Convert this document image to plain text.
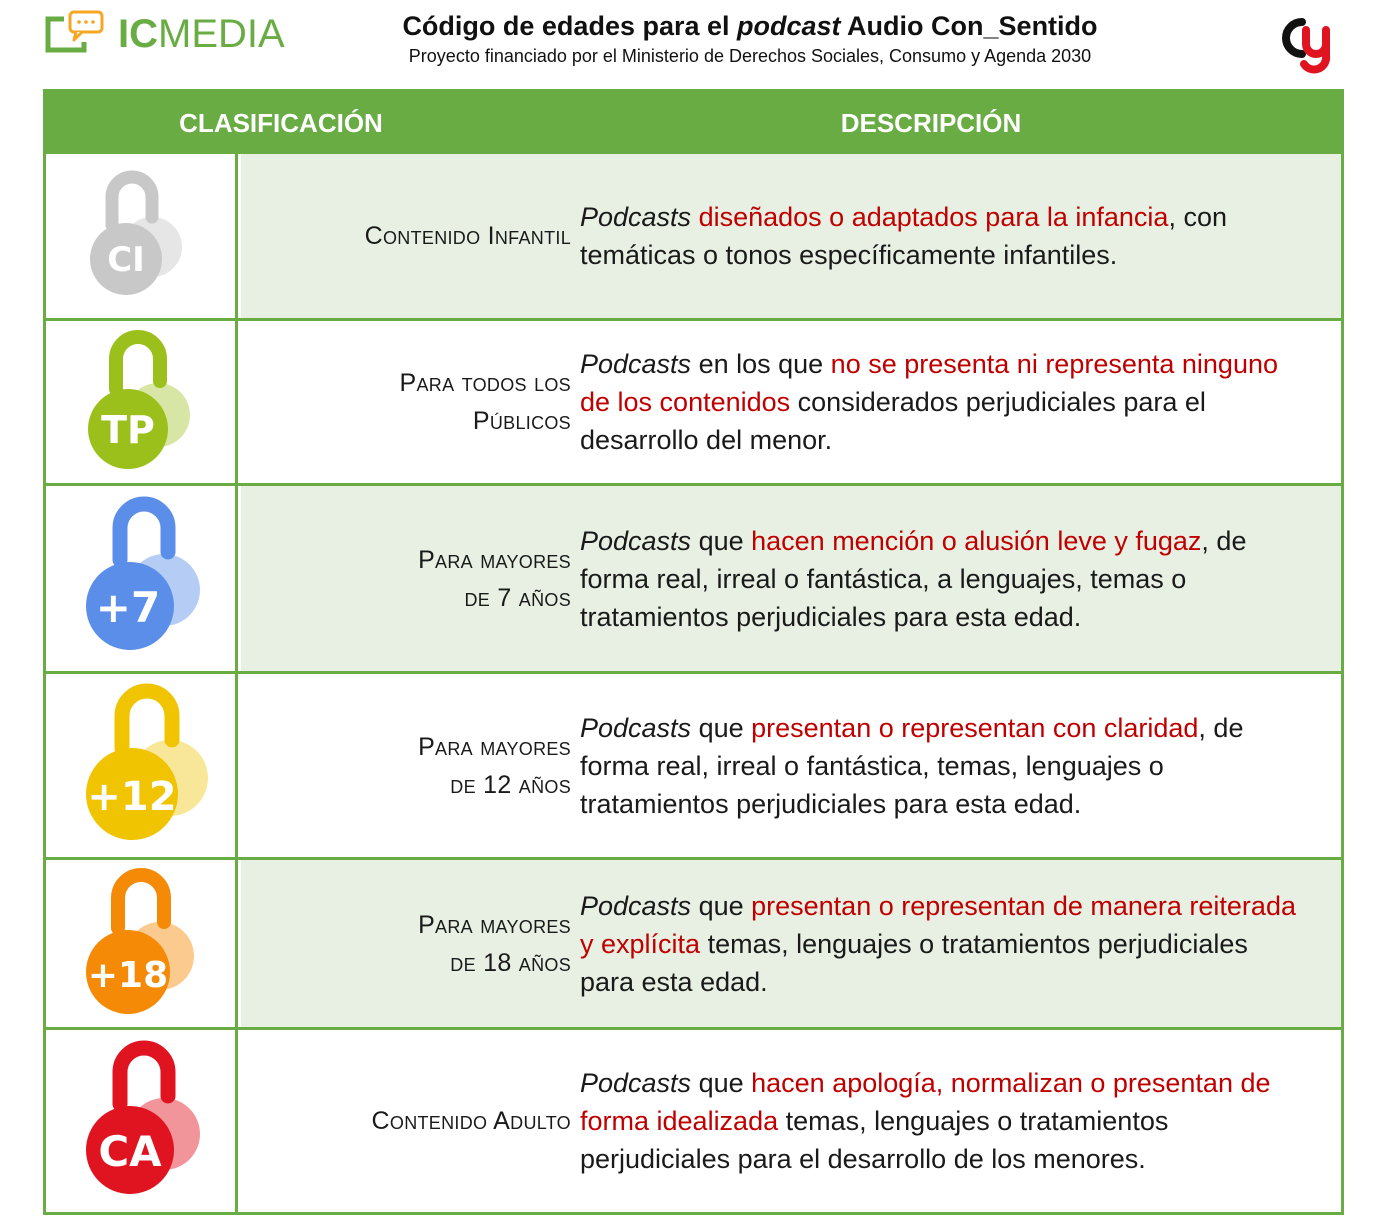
ICMEDIA	Código de edades para el podcast Audio Con_Sentido
Proyecto financiado por el Ministerio de Derechos Sociales, Consumo y Agenda 2030
CLASIFICACIÓN	DESCRIPCIÓN
CI
Contenido Infantil
Podcasts diseñados o adaptados para la infancia, con temáticas o tonos específicamente infantiles.
TP
Para todos los
Públicos
Podcasts en los que no se presenta ni representa ninguno de los contenidos considerados perjudiciales para el desarrollo del menor.
+7
Para mayores
de 7 años
Podcasts que hacen mención o alusión leve y fugaz, de forma real, irreal o fantástica, a lenguajes, temas o tratamientos perjudiciales para esta edad.
+12
Para mayores
de 12 años
Podcasts que presentan o representan con claridad, de forma real, irreal o fantástica, temas, lenguajes o tratamientos perjudiciales para esta edad.
+18
Para mayores
de 18 años
Podcasts que presentan o representan de manera reiterada y explícita temas, lenguajes o tratamientos perjudiciales para esta edad.
CA
Contenido Adulto
Podcasts que hacen apología, normalizan o presentan de forma idealizada temas, lenguajes o tratamientos perjudiciales para el desarrollo de los menores.
